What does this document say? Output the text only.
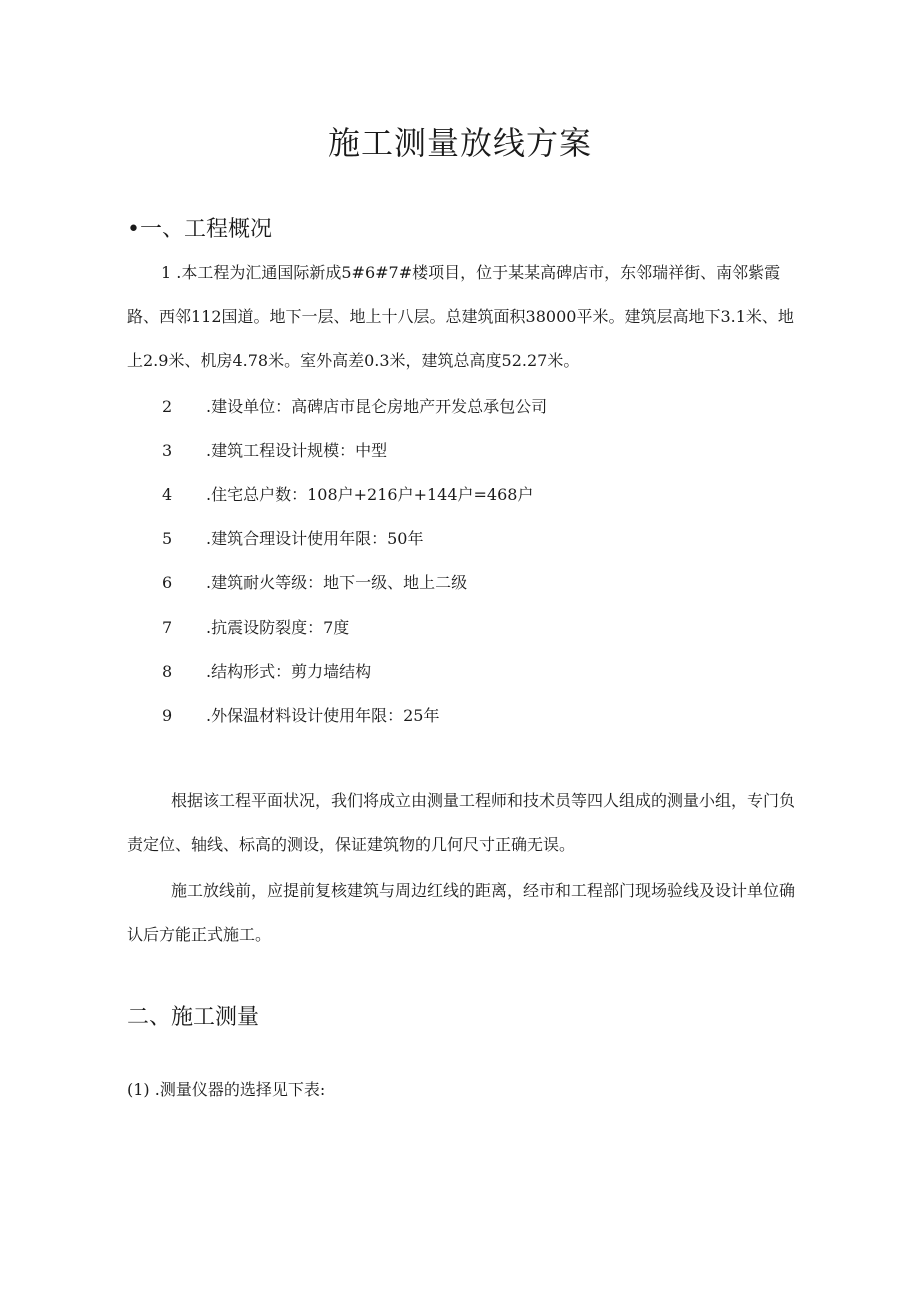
施工测量放线方案
•一、工程概况

1 .本工程为汇通国际新成5#6#7#楼项目，位于某某高碑店市，东邻瑞祥街、南邻紫霞路、西邻112国道。地下一层、地上十八层。总建筑面积38000平米。建筑层高地下3.1米、地上2.9米、机房4.78米。室外高差0.3米，建筑总高度52.27米。

2 .建设单位：高碑店市昆仑房地产开发总承包公司
3 .建筑工程设计规模：中型
4 .住宅总户数：108户+216户+144户=468户
5 .建筑合理设计使用年限：50年
6 .建筑耐火等级：地下一级、地上二级
7 .抗震设防裂度：7度
8 .结构形式：剪力墙结构
9 .外保温材料设计使用年限：25年

根据该工程平面状况，我们将成立由测量工程师和技术员等四人组成的测量小组，专门负责定位、轴线、标高的测设，保证建筑物的几何尺寸正确无误。

施工放线前，应提前复核建筑与周边红线的距离，经市和工程部门现场验线及设计单位确认后方能正式施工。

二、施工测量
(1) .测量仪器的选择见下表:
